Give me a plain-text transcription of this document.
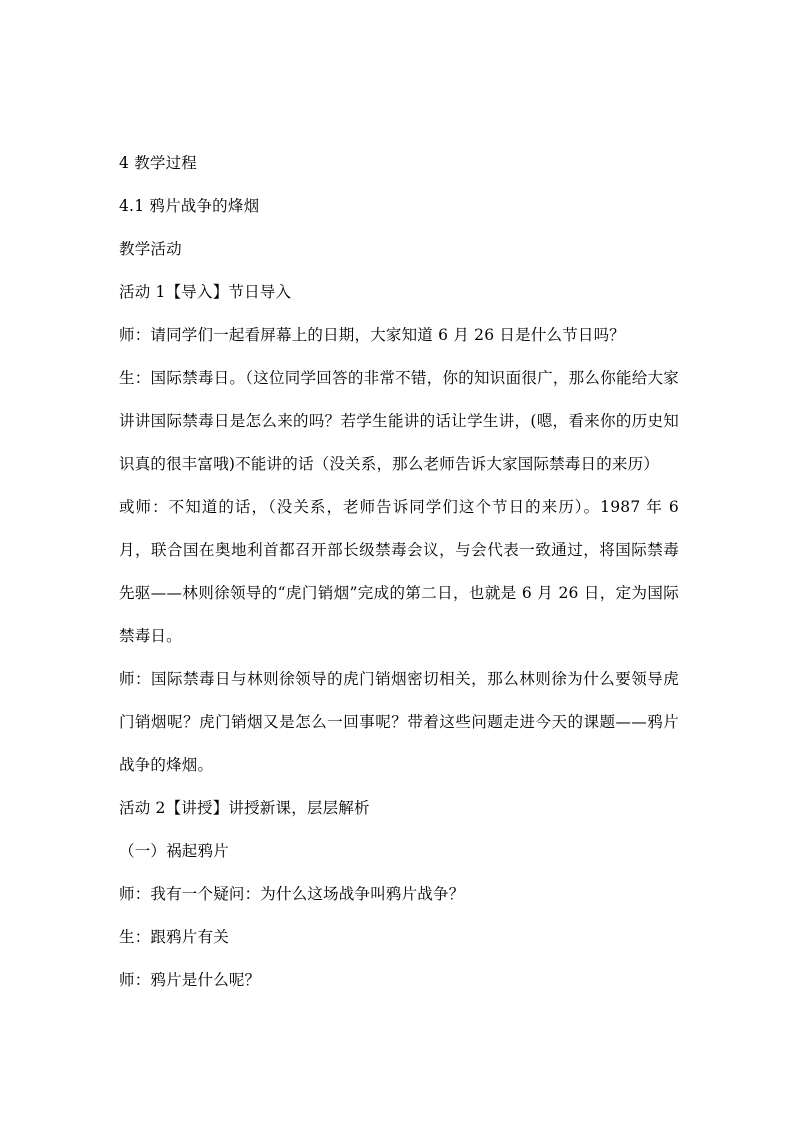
4 教学过程

4.1 鸦片战争的烽烟

教学活动

活动 1【导入】节日导入

师：请同学们一起看屏幕上的日期，大家知道 6 月 26 日是什么节日吗？

生：国际禁毒日。（这位同学回答的非常不错，你的知识面很广，那么你能给大家讲讲国际禁毒日是怎么来的吗？若学生能讲的话让学生讲，(嗯，看来你的历史知识真的很丰富哦)不能讲的话（没关系，那么老师告诉大家国际禁毒日的来历）

或师：不知道的话，（没关系，老师告诉同学们这个节日的来历）。1987 年 6 月，联合国在奥地利首都召开部长级禁毒会议，与会代表一致通过，将国际禁毒先驱——林则徐领导的“虎门销烟”完成的第二日，也就是 6 月 26 日，定为国际禁毒日。

师：国际禁毒日与林则徐领导的虎门销烟密切相关，那么林则徐为什么要领导虎门销烟呢？虎门销烟又是怎么一回事呢？带着这些问题走进今天的课题——鸦片战争的烽烟。

活动 2【讲授】讲授新课，层层解析

（一）祸起鸦片

师：我有一个疑问：为什么这场战争叫鸦片战争？

生：跟鸦片有关

师：鸦片是什么呢？
